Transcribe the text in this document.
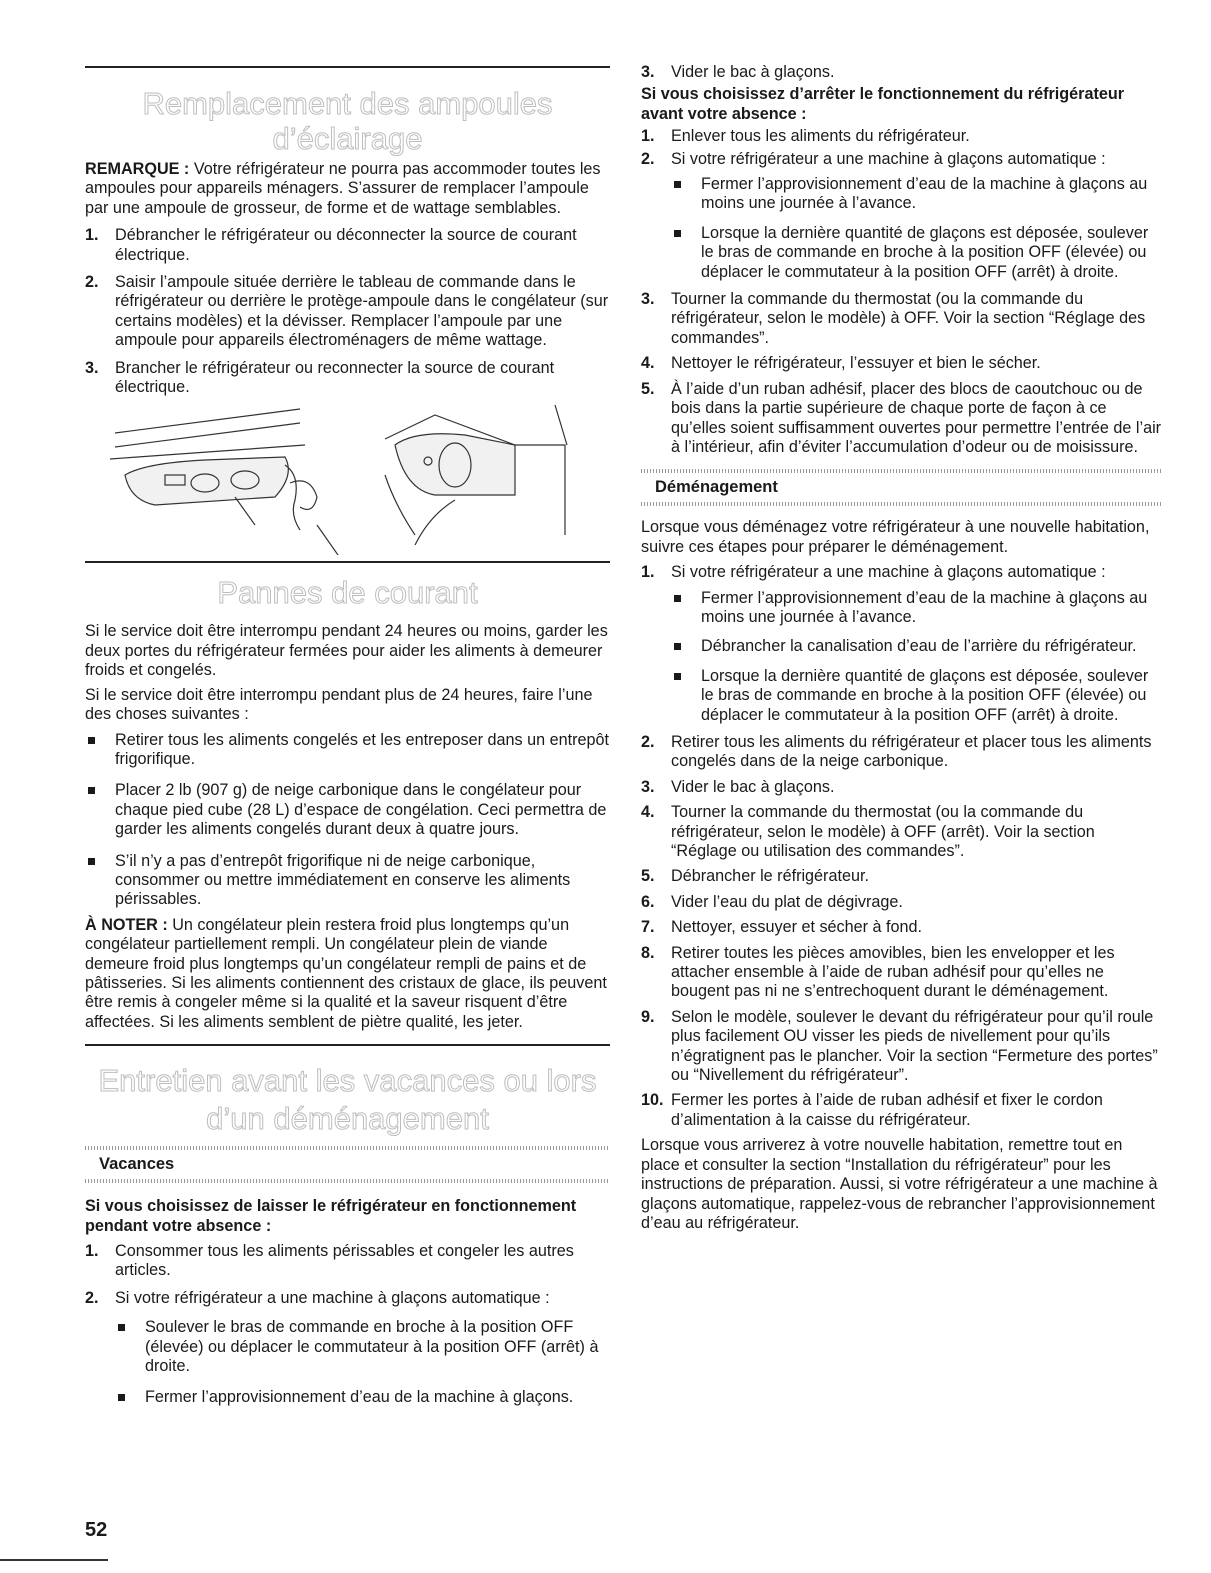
Remplacement des ampoules
d’éclairage

REMARQUE : Votre réfrigérateur ne pourra pas accommoder toutes les ampoules pour appareils ménagers. S’assurer de remplacer l’ampoule par une ampoule de grosseur, de forme et de wattage semblables.

1. Débrancher le réfrigérateur ou déconnecter la source de courant électrique.
2. Saisir l’ampoule située derrière le tableau de commande dans le réfrigérateur ou derrière le protège-ampoule dans le congélateur (sur certains modèles) et la dévisser. Remplacer l’ampoule par une ampoule pour appareils électroménagers de même wattage.
3. Brancher le réfrigérateur ou reconnecter la source de courant électrique.
Pannes de courant

Si le service doit être interrompu pendant 24 heures ou moins, garder les deux portes du réfrigérateur fermées pour aider les aliments à demeurer froids et congelés.

Si le service doit être interrompu pendant plus de 24 heures, faire l’une des choses suivantes :

Retirer tous les aliments congelés et les entreposer dans un entrepôt frigorifique.
Placer 2 lb (907 g) de neige carbonique dans le congélateur pour chaque pied cube (28 L) d’espace de congélation. Ceci permettra de garder les aliments congelés durant deux à quatre jours.
S’il n’y a pas d’entrepôt frigorifique ni de neige carbonique, consommer ou mettre immédiatement en conserve les aliments périssables.

À NOTER : Un congélateur plein restera froid plus longtemps qu’un congélateur partiellement rempli. Un congélateur plein de viande demeure froid plus longtemps qu’un congélateur rempli de pains et de pâtisseries. Si les aliments contiennent des cristaux de glace, ils peuvent être remis à congeler même si la qualité et la saveur risquent d’être affectées. Si les aliments semblent de piètre qualité, les jeter.

Entretien avant les vacances ou lors
d’un déménagement
Vacances

Si vous choisissez de laisser le réfrigérateur en fonctionnement pendant votre absence :

1. Consommer tous les aliments périssables et congeler les autres articles.
2. Si votre réfrigérateur a une machine à glaçons automatique :
Soulever le bras de commande en broche à la position OFF (élevée) ou déplacer le commutateur à la position OFF (arrêt) à droite.
Fermer l’approvisionnement d’eau de la machine à glaçons.
3. Vider le bac à glaçons.

Si vous choisissez d’arrêter le fonctionnement du réfrigérateur avant votre absence :

1. Enlever tous les aliments du réfrigérateur.
2. Si votre réfrigérateur a une machine à glaçons automatique :
Fermer l’approvisionnement d’eau de la machine à glaçons au moins une journée à l’avance.
Lorsque la dernière quantité de glaçons est déposée, soulever le bras de commande en broche à la position OFF (élevée) ou déplacer le commutateur à la position OFF (arrêt) à droite.
3. Tourner la commande du thermostat (ou la commande du réfrigérateur, selon le modèle) à OFF. Voir la section “Réglage des commandes”.
4. Nettoyer le réfrigérateur, l’essuyer et bien le sécher.
5. À l’aide d’un ruban adhésif, placer des blocs de caoutchouc ou de bois dans la partie supérieure de chaque porte de façon à ce qu’elles soient suffisamment ouvertes pour permettre l’entrée de l’air à l’intérieur, afin d’éviter l’accumulation d’odeur ou de moisissure.
Déménagement

Lorsque vous déménagez votre réfrigérateur à une nouvelle habitation, suivre ces étapes pour préparer le déménagement.

1. Si votre réfrigérateur a une machine à glaçons automatique :
Fermer l’approvisionnement d’eau de la machine à glaçons au moins une journée à l’avance.
Débrancher la canalisation d’eau de l’arrière du réfrigérateur.
Lorsque la dernière quantité de glaçons est déposée, soulever le bras de commande en broche à la position OFF (élevée) ou déplacer le commutateur à la position OFF (arrêt) à droite.
2. Retirer tous les aliments du réfrigérateur et placer tous les aliments congelés dans de la neige carbonique.
3. Vider le bac à glaçons.
4. Tourner la commande du thermostat (ou la commande du réfrigérateur, selon le modèle) à OFF (arrêt). Voir la section “Réglage ou utilisation des commandes”.
5. Débrancher le réfrigérateur.
6. Vider l’eau du plat de dégivrage.
7. Nettoyer, essuyer et sécher à fond.
8. Retirer toutes les pièces amovibles, bien les envelopper et les attacher ensemble à l’aide de ruban adhésif pour qu’elles ne bougent pas ni ne s’entrechoquent durant le déménagement.
9. Selon le modèle, soulever le devant du réfrigérateur pour qu’il roule plus facilement OU visser les pieds de nivellement pour qu’ils n’égratignent pas le plancher. Voir la section “Fermeture des portes” ou “Nivellement du réfrigérateur”.
10. Fermer les portes à l’aide de ruban adhésif et fixer le cordon d’alimentation à la caisse du réfrigérateur.

Lorsque vous arriverez à votre nouvelle habitation, remettre tout en place et consulter la section “Installation du réfrigérateur” pour les instructions de préparation. Aussi, si votre réfrigérateur a une machine à glaçons automatique, rappelez-vous de rebrancher l’approvisionnement d’eau au réfrigérateur.

52
